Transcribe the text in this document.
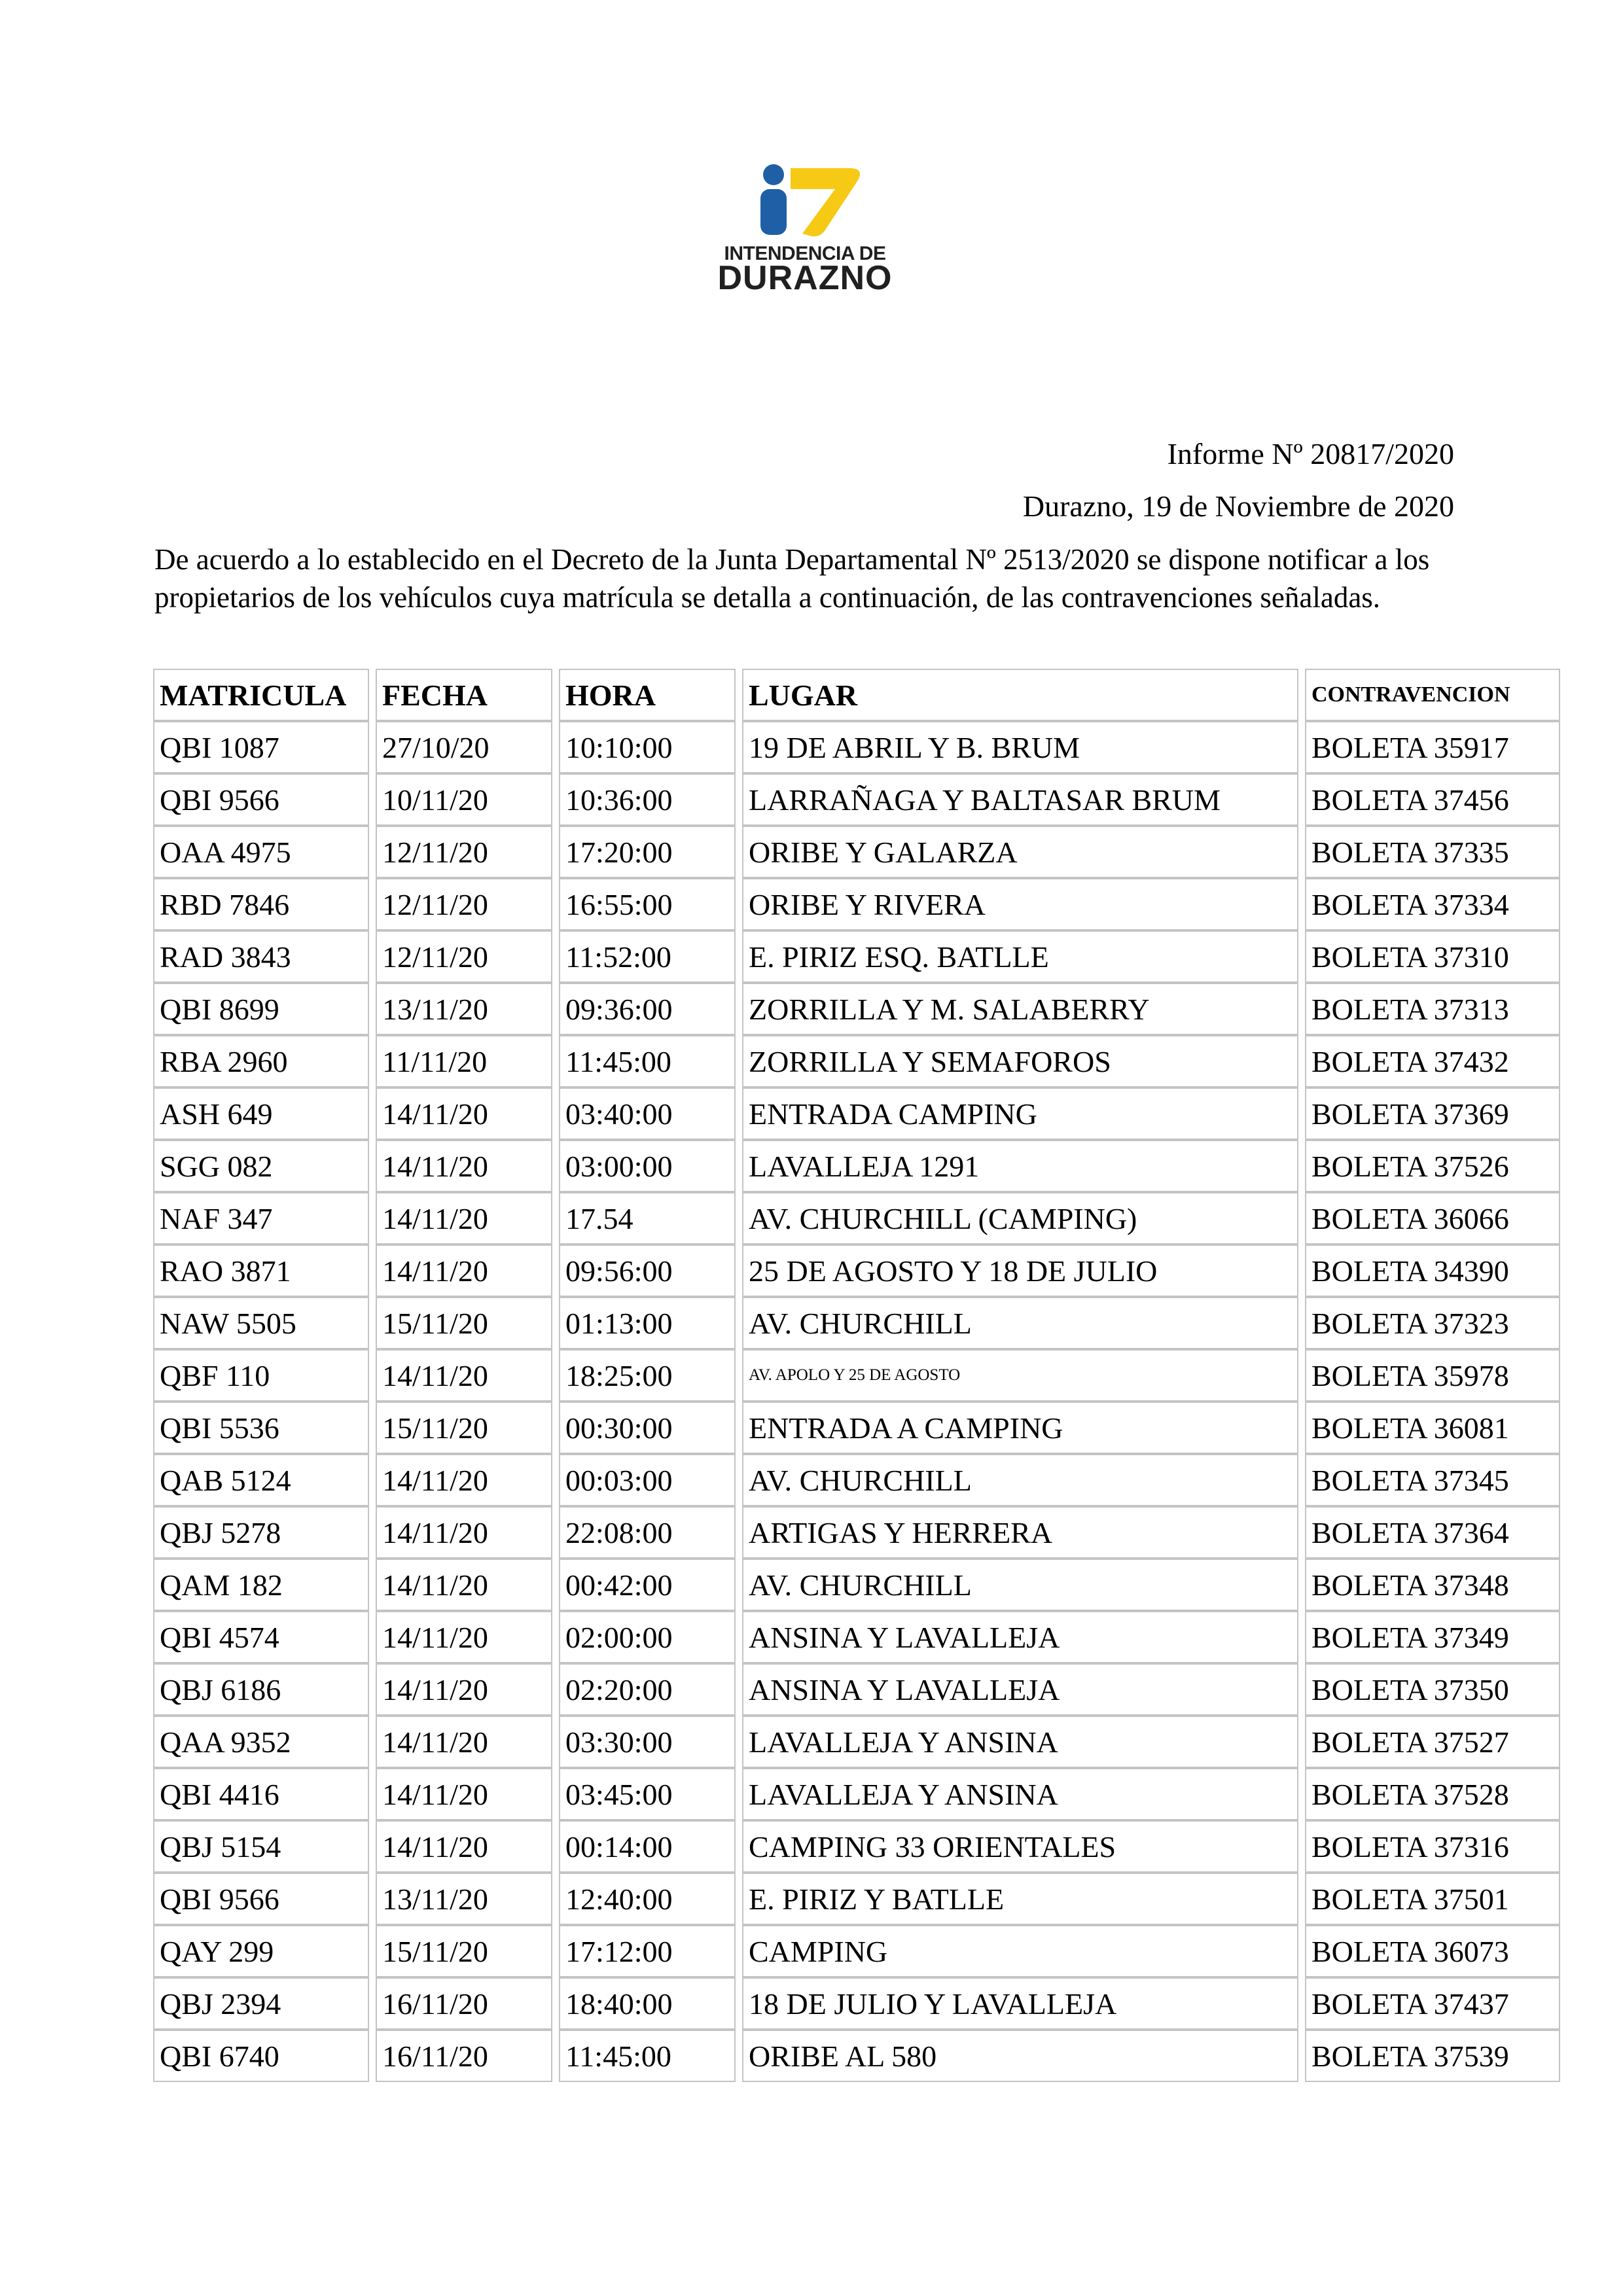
INTENDENCIA DE
DURAZNO
Informe Nº 20817/2020
Durazno, 19 de Noviembre de 2020
De acuerdo a lo establecido en el Decreto de la Junta Departamental Nº 2513/2020 se dispone notificar a los propietarios de los vehículos cuya matrícula se detalla a continuación, de las contravenciones señaladas.
MATRICULA	FECHA	HORA	LUGAR	CONTRAVENCION
QBI 1087	27/10/20	10:10:00	19 DE ABRIL Y B. BRUM	BOLETA 35917
QBI 9566	10/11/20	10:36:00	LARRAÑAGA Y BALTASAR BRUM	BOLETA 37456
OAA 4975	12/11/20	17:20:00	ORIBE Y GALARZA	BOLETA 37335
RBD 7846	12/11/20	16:55:00	ORIBE Y RIVERA	BOLETA 37334
RAD 3843	12/11/20	11:52:00	E. PIRIZ ESQ. BATLLE	BOLETA 37310
QBI 8699	13/11/20	09:36:00	ZORRILLA Y M. SALABERRY	BOLETA 37313
RBA 2960	11/11/20	11:45:00	ZORRILLA Y SEMAFOROS	BOLETA 37432
ASH 649	14/11/20	03:40:00	ENTRADA CAMPING	BOLETA 37369
SGG 082	14/11/20	03:00:00	LAVALLEJA 1291	BOLETA 37526
NAF 347	14/11/20	17.54	AV. CHURCHILL (CAMPING)	BOLETA 36066
RAO 3871	14/11/20	09:56:00	25 DE AGOSTO Y 18 DE JULIO	BOLETA 34390
NAW 5505	15/11/20	01:13:00	AV. CHURCHILL	BOLETA 37323
QBF 110	14/11/20	18:25:00	AV. APOLO Y 25 DE AGOSTO	BOLETA 35978
QBI 5536	15/11/20	00:30:00	ENTRADA A CAMPING	BOLETA 36081
QAB 5124	14/11/20	00:03:00	AV. CHURCHILL	BOLETA 37345
QBJ 5278	14/11/20	22:08:00	ARTIGAS Y HERRERA	BOLETA 37364
QAM 182	14/11/20	00:42:00	AV. CHURCHILL	BOLETA 37348
QBI 4574	14/11/20	02:00:00	ANSINA Y LAVALLEJA	BOLETA 37349
QBJ 6186	14/11/20	02:20:00	ANSINA Y LAVALLEJA	BOLETA 37350
QAA 9352	14/11/20	03:30:00	LAVALLEJA Y ANSINA	BOLETA 37527
QBI 4416	14/11/20	03:45:00	LAVALLEJA Y ANSINA	BOLETA 37528
QBJ 5154	14/11/20	00:14:00	CAMPING 33 ORIENTALES	BOLETA 37316
QBI 9566	13/11/20	12:40:00	E. PIRIZ Y BATLLE	BOLETA 37501
QAY 299	15/11/20	17:12:00	CAMPING	BOLETA 36073
QBJ 2394	16/11/20	18:40:00	18 DE JULIO Y LAVALLEJA	BOLETA 37437
QBI 6740	16/11/20	11:45:00	ORIBE AL 580	BOLETA 37539
